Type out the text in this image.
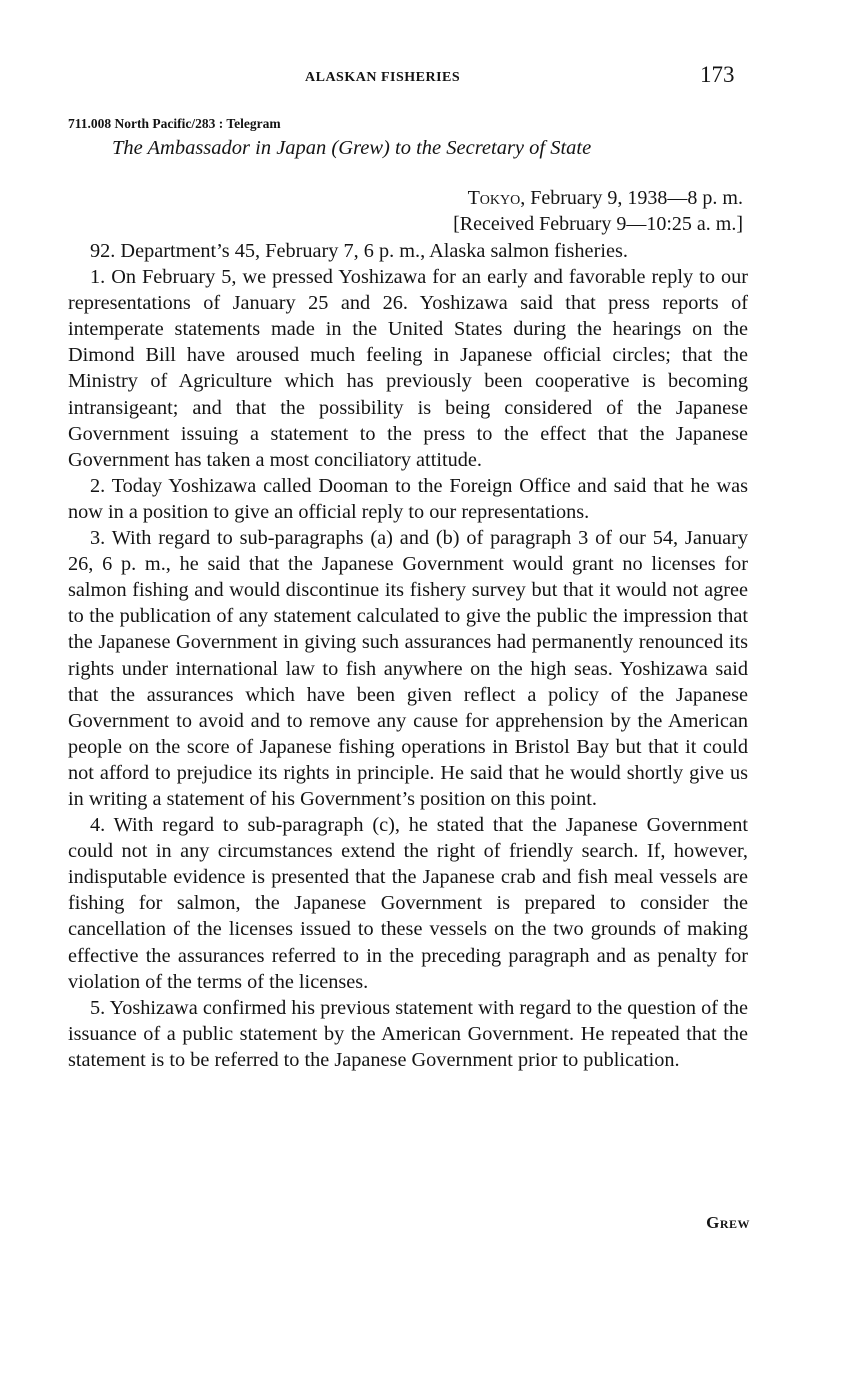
ALASKAN FISHERIES	173
711.008 North Pacific/283 : Telegram
The Ambassador in Japan (Grew) to the Secretary of State
Tokyo, February 9, 1938—8 p. m.
[Received February 9—10:25 a. m.]

92. Department’s 45, February 7, 6 p. m., Alaska salmon fisheries.

1. On February 5, we pressed Yoshizawa for an early and favorable reply to our representations of January 25 and 26. Yoshizawa said that press reports of intemperate statements made in the United States during the hearings on the Dimond Bill have aroused much feeling in Japanese official circles; that the Ministry of Agriculture which has previously been cooperative is becoming intransigeant; and that the possibility is being considered of the Japanese Government issuing a statement to the press to the effect that the Japanese Government has taken a most conciliatory attitude.

2. Today Yoshizawa called Dooman to the Foreign Office and said that he was now in a position to give an official reply to our representations.

3. With regard to sub-paragraphs (a) and (b) of paragraph 3 of our 54, January 26, 6 p. m., he said that the Japanese Government would grant no licenses for salmon fishing and would discontinue its fishery survey but that it would not agree to the publication of any statement calculated to give the public the impression that the Japanese Government in giving such assurances had permanently renounced its rights under international law to fish anywhere on the high seas. Yoshizawa said that the assurances which have been given reflect a policy of the Japanese Government to avoid and to remove any cause for apprehension by the American people on the score of Japanese fishing operations in Bristol Bay but that it could not afford to prejudice its rights in principle. He said that he would shortly give us in writing a statement of his Government’s position on this point.

4. With regard to sub-paragraph (c), he stated that the Japanese Government could not in any circumstances extend the right of friendly search. If, however, indisputable evidence is presented that the Japanese crab and fish meal vessels are fishing for salmon, the Japanese Government is prepared to consider the cancellation of the licenses issued to these vessels on the two grounds of making effective the assurances referred to in the preceding paragraph and as penalty for violation of the terms of the licenses.

5. Yoshizawa confirmed his previous statement with regard to the question of the issuance of a public statement by the American Government. He repeated that the statement is to be referred to the Japanese Government prior to publication.

Grew
